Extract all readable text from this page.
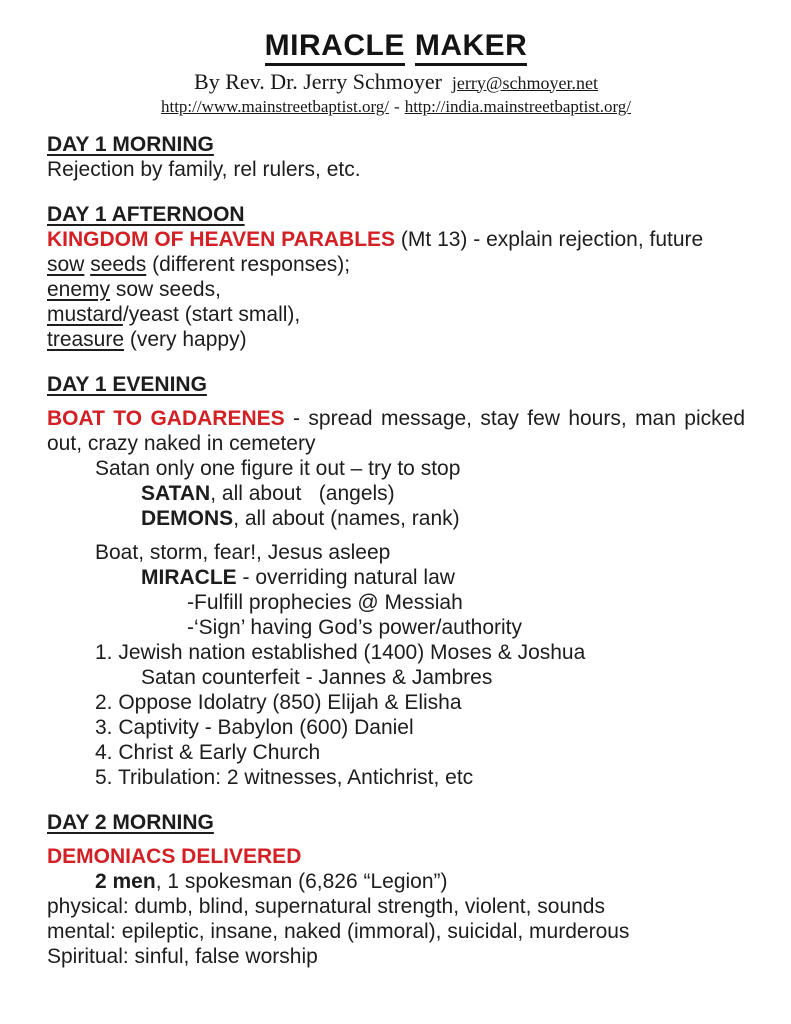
MIRACLE MAKER
By Rev. Dr. Jerry Schmoyer jerry@schmoyer.net
http://www.mainstreetbaptist.org/ - http://india.mainstreetbaptist.org/
DAY 1 MORNING
Rejection by family, rel rulers, etc.
DAY 1 AFTERNOON
KINGDOM OF HEAVEN PARABLES (Mt 13) - explain rejection, future
sow seeds (different responses);
enemy sow seeds,
mustard/yeast (start small),
treasure (very happy)
DAY 1 EVENING
BOAT TO GADARENES - spread message, stay few hours, man picked out, crazy naked in cemetery
Satan only one figure it out – try to stop
SATAN, all about   (angels)
DEMONS, all about (names, rank)
Boat, storm, fear!, Jesus asleep
MIRACLE - overriding natural law
-Fulfill prophecies @ Messiah
-‘Sign’ having God’s power/authority
1. Jewish nation established (1400) Moses & Joshua
Satan counterfeit - Jannes & Jambres
2. Oppose Idolatry (850) Elijah & Elisha
3. Captivity - Babylon (600) Daniel
4. Christ & Early Church
5. Tribulation: 2 witnesses, Antichrist, etc
DAY 2 MORNING
DEMONIACS DELIVERED
2 men, 1 spokesman (6,826 “Legion”)
physical: dumb, blind, supernatural strength, violent, sounds
mental: epileptic, insane, naked (immoral), suicidal, murderous
Spiritual: sinful, false worship
